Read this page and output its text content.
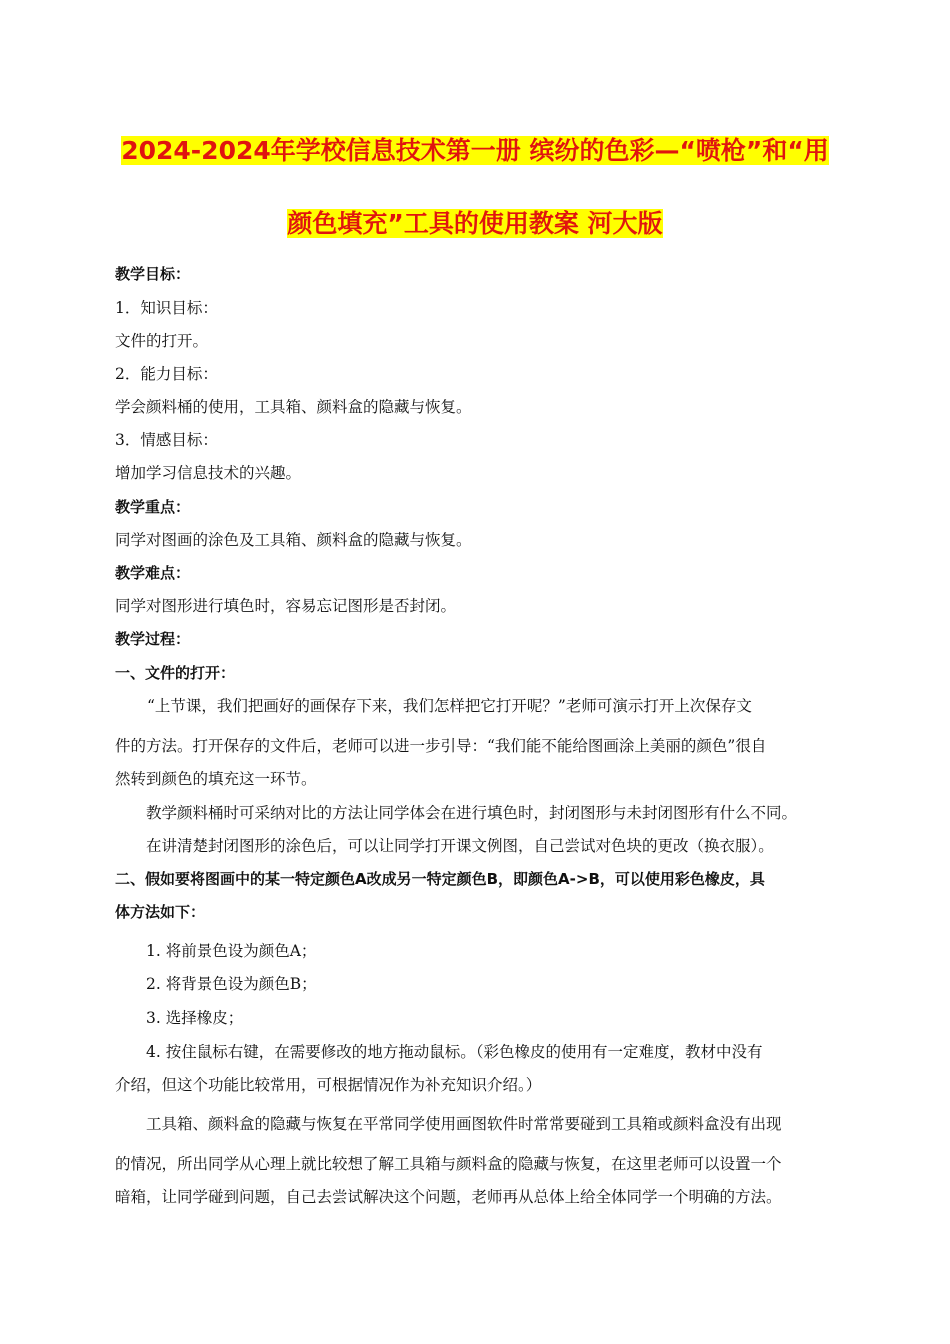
2024-2024年学校信息技术第一册 缤纷的色彩—“喷枪”和“用
颜色填充”工具的使用教案 河大版
教学目标：
1．知识目标：
文件的打开。
2．能力目标：
学会颜料桶的使用，工具箱、颜料盒的隐藏与恢复。
3．情感目标：
增加学习信息技术的兴趣。
教学重点：
同学对图画的涂色及工具箱、颜料盒的隐藏与恢复。
教学难点：
同学对图形进行填色时，容易忘记图形是否封闭。
教学过程：
一、文件的打开：
“上节课，我们把画好的画保存下来，我们怎样把它打开呢？”老师可演示打开上次保存文
件的方法。打开保存的文件后，老师可以进一步引导：“我们能不能给图画涂上美丽的颜色”很自
然转到颜色的填充这一环节。
教学颜料桶时可采纳对比的方法让同学体会在进行填色时，封闭图形与未封闭图形有什么不同。
在讲清楚封闭图形的涂色后，可以让同学打开课文例图，自己尝试对色块的更改（换衣服）。
二、假如要将图画中的某一特定颜色A改成另一特定颜色B，即颜色A->B，可以使用彩色橡皮，具
体方法如下：
1. 将前景色设为颜色A；
2. 将背景色设为颜色B；
3. 选择橡皮；
4. 按住鼠标右键，在需要修改的地方拖动鼠标。（彩色橡皮的使用有一定难度，教材中没有
介绍，但这个功能比较常用，可根据情况作为补充知识介绍。）
工具箱、颜料盒的隐藏与恢复在平常同学使用画图软件时常常要碰到工具箱或颜料盒没有出现
的情况，所出同学从心理上就比较想了解工具箱与颜料盒的隐藏与恢复，在这里老师可以设置一个
暗箱，让同学碰到问题，自己去尝试解决这个问题，老师再从总体上给全体同学一个明确的方法。
